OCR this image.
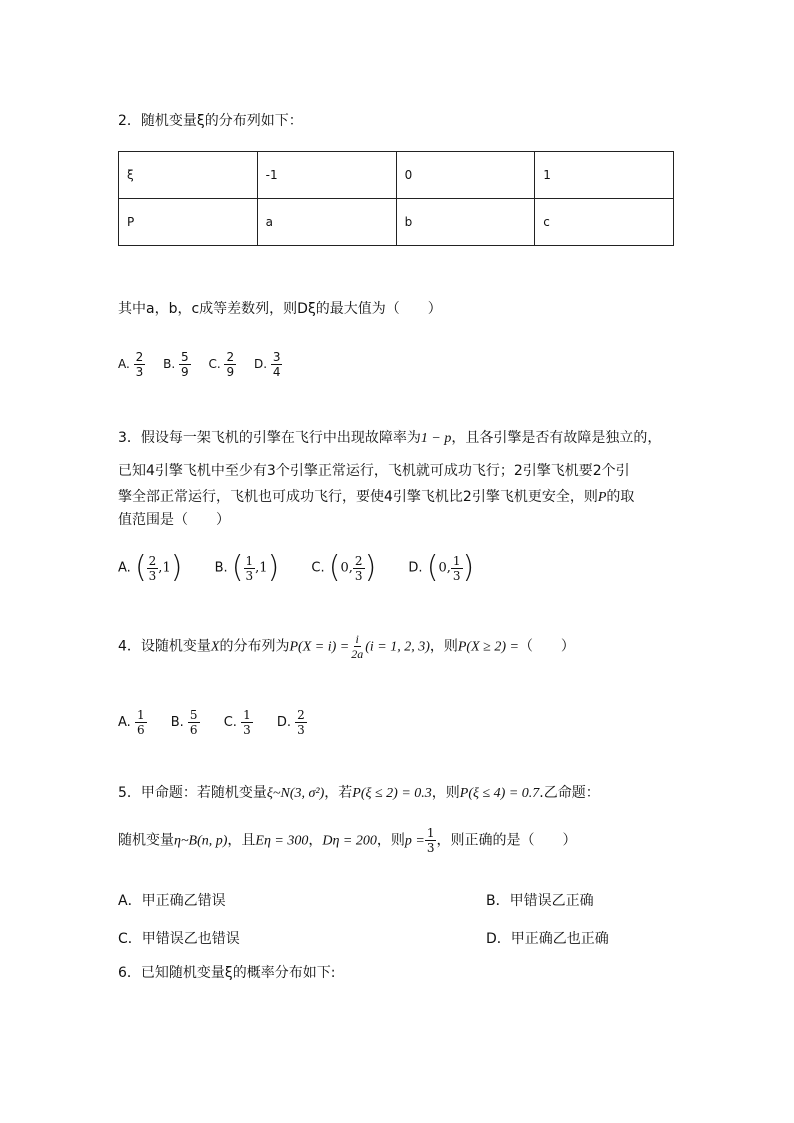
2．随机变量ξ的分布列如下：
ξ	-1	0	1
P	a	b	c
其中a，b，c成等差数列，则Dξ的最大值为（　　）
A. $\frac{2}{3} B$. $\frac{5}{9} C$. $\frac{2}{9} D$. $\frac{3}{4}$
3．假设每一架飞机的引擎在飞行中出现故障率为1 − p，且各引擎是否有故障是独立的，
已知4引擎飞机中至少有3个引擎正常运行，飞机就可成功飞行；2引擎飞机要2个引
擎全部正常运行，飞机也可成功飞行，要使4引擎飞机比2引擎飞机更安全，则P的取
值范围是（　　）
A. ( $\frac{2}{3} ,1$) B. ( $\frac{1}{3} ,1$) C. (0, $\frac{2}{3}$ ) D. (0, $\frac{1}{3}$ )
4．设随机变量X的分布列为$P(X = i) = \frac{i}{2a} (i = 1$, 2, 3)，则P(X ≥ 2) =（　　）
A. $\frac{1}{6} B$. $\frac{5}{6} C$. $\frac{1}{3} D$. $\frac{2}{3}$
5．甲命题：若随机变量ξ~N(3, σ²)，若P(ξ ≤ 2) = 0.3，则P(ξ ≤ 4) = 0.7.乙命题：
随机变量η~B(n, p)，且Eη = 300，Dη = 200，则$p = \frac{1}{3}$ ，则正确的是（　　）
A．甲正确乙错误	B．甲错误乙正确
C．甲错误乙也错误	D．甲正确乙也正确
6．已知随机变量ξ的概率分布如下:
